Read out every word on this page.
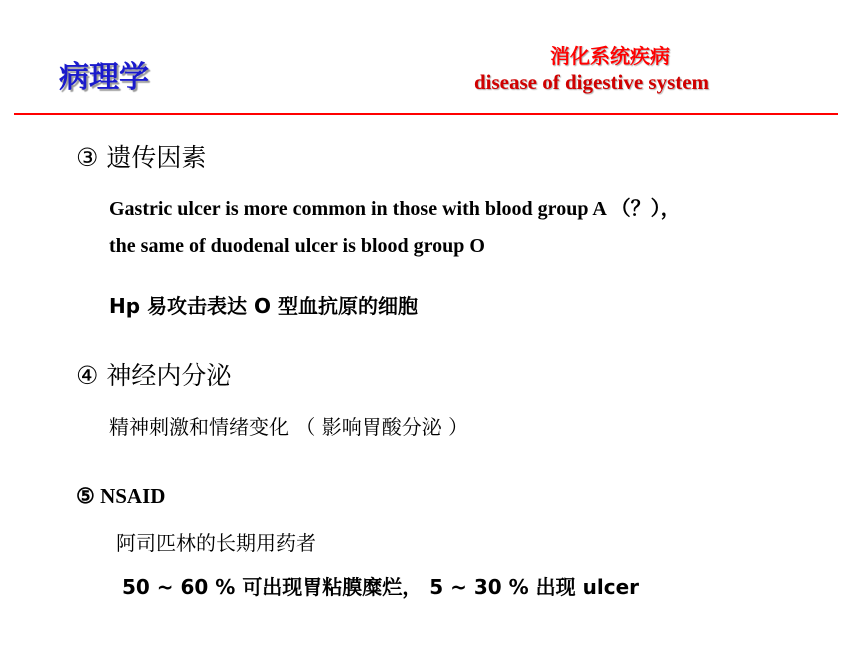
病理学
消化系统疾病
disease of digestive system
③ 遗传因素
Gastric ulcer is more common in those with blood group A （？），
the same of duodenal ulcer is blood group O
Hp 易攻击表达 O 型血抗原的细胞
④ 神经内分泌
精神刺激和情绪变化 （ 影响胃酸分泌 ）
⑤ NSAID
阿司匹林的长期用药者
50 ~ 60 % 可出现胃粘膜糜烂， 5 ~ 30 % 出现 ulcer
